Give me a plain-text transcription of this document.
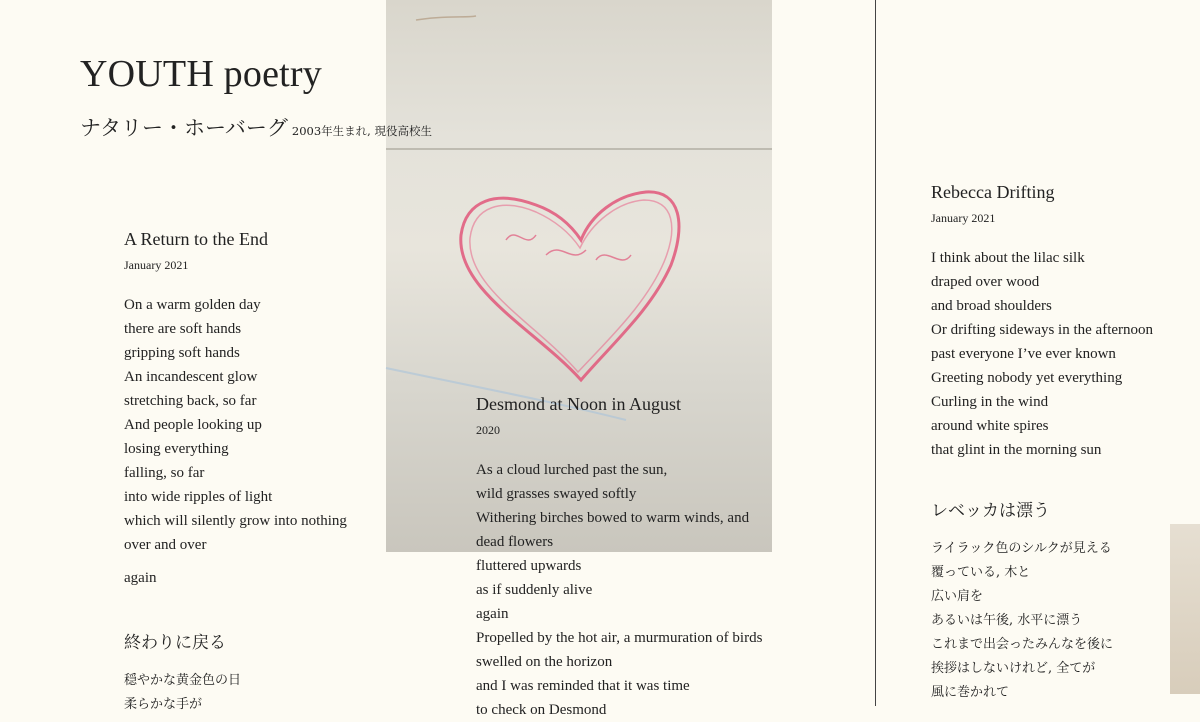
YOUTH poetry
ナタリー・ホーバーグ 2003年生まれ, 現役高校生
A Return to the End
January 2021
On a warm golden day
there are soft hands
gripping soft hands
An incandescent glow
stretching back, so far
And people looking up
losing everything
falling, so far
into wide ripples of light
which will silently grow into nothing
over and over
again
終わりに戻る
穏やかな黄金色の日
柔らかな手が
Desmond at Noon in August
2020
As a cloud lurched past the sun,
wild grasses swayed softly
Withering birches bowed to warm winds, and
dead flowers
fluttered upwards
as if suddenly alive
again
Propelled by the hot air, a murmuration of birds
swelled on the horizon
and I was reminded that it was time
to check on Desmond
Rebecca Drifting
January 2021
I think about the lilac silk
draped over wood
and broad shoulders
Or drifting sideways in the afternoon
past everyone I’ve ever known
Greeting nobody yet everything
Curling in the wind
around white spires
that glint in the morning sun
レベッカは漂う
ライラック色のシルクが見える
覆っている, 木と
広い肩を
あるいは午後, 水平に漂う
これまで出会ったみんなを後に
挨拶はしないけれど, 全てが
風に巻かれて
